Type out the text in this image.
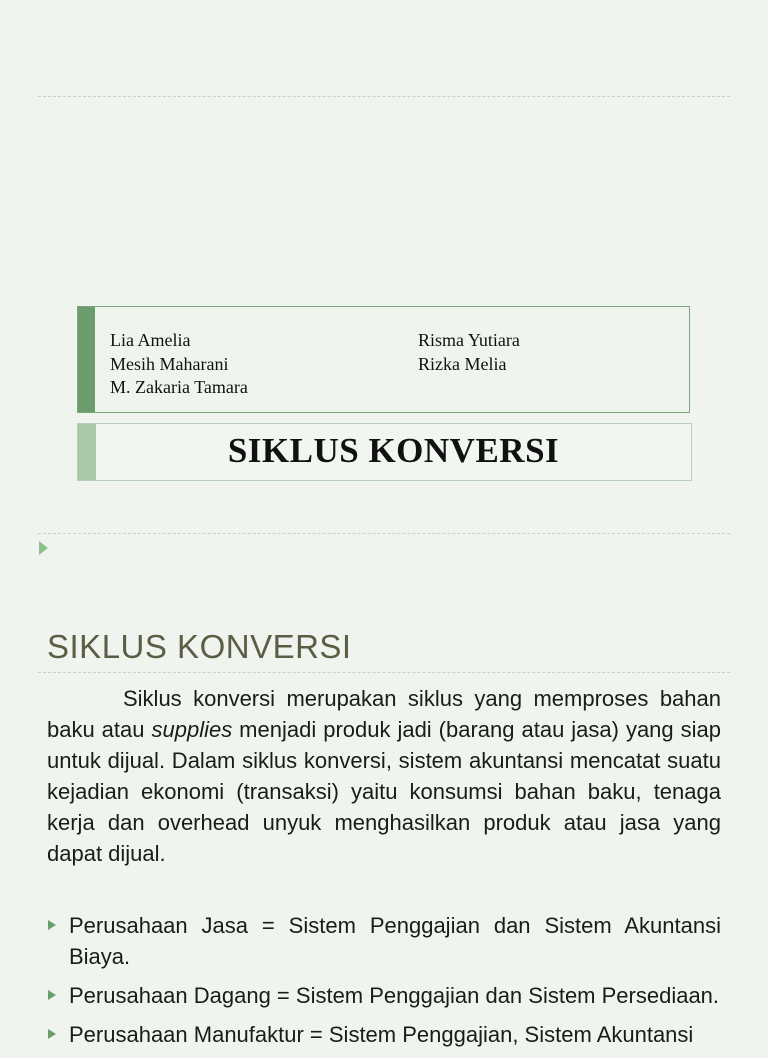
Lia Amelia
Mesih Maharani
M. Zakaria Tamara
Risma Yutiara
Rizka Melia
SIKLUS KONVERSI
SIKLUS KONVERSI
Siklus konversi merupakan siklus yang memproses bahan baku atau supplies menjadi produk jadi (barang atau jasa) yang siap untuk dijual. Dalam siklus konversi, sistem akuntansi mencatat suatu kejadian ekonomi (transaksi) yaitu konsumsi bahan baku, tenaga kerja dan overhead unyuk menghasilkan produk atau jasa yang dapat dijual.
Perusahaan Jasa = Sistem Penggajian dan Sistem Akuntansi Biaya.
Perusahaan Dagang = Sistem Penggajian dan Sistem Persediaan.
Perusahaan Manufaktur = Sistem Penggajian, Sistem Akuntansi
